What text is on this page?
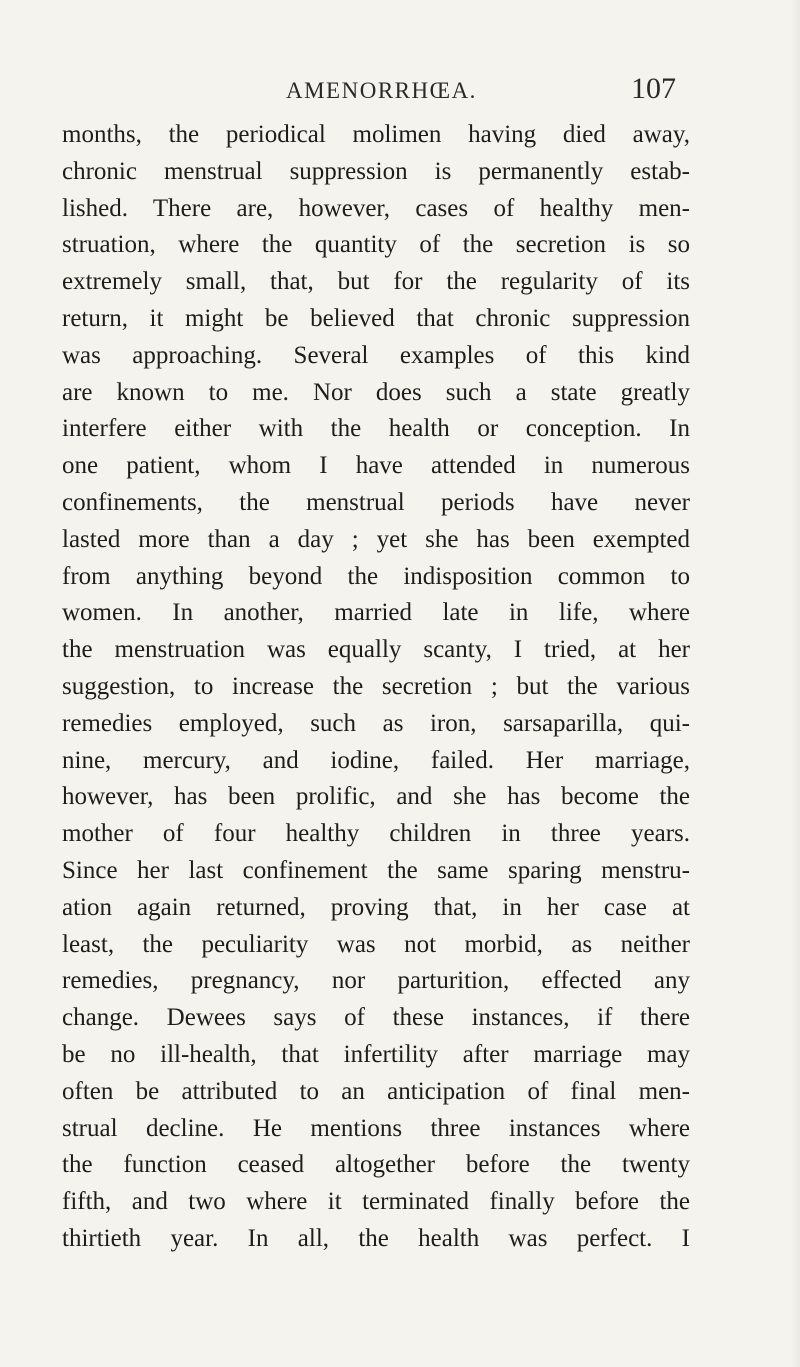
AMENORRHŒA.	107
months, the periodical molimen having died away,
chronic menstrual suppression is permanently estab-
lished. There are, however, cases of healthy men-
struation, where the quantity of the secretion is so
extremely small, that, but for the regularity of its
return, it might be believed that chronic suppression
was approaching. Several examples of this kind
are known to me. Nor does such a state greatly
interfere either with the health or conception. In
one patient, whom I have attended in numerous
confinements, the menstrual periods have never
lasted more than a day ; yet she has been exempted
from anything beyond the indisposition common to
women. In another, married late in life, where
the menstruation was equally scanty, I tried, at her
suggestion, to increase the secretion ; but the various
remedies employed, such as iron, sarsaparilla, qui-
nine, mercury, and iodine, failed. Her marriage,
however, has been prolific, and she has become the
mother of four healthy children in three years.
Since her last confinement the same sparing menstru-
ation again returned, proving that, in her case at
least, the peculiarity was not morbid, as neither
remedies, pregnancy, nor parturition, effected any
change. Dewees says of these instances, if there
be no ill-health, that infertility after marriage may
often be attributed to an anticipation of final men-
strual decline. He mentions three instances where
the function ceased altogether before the twenty
fifth, and two where it terminated finally before the
thirtieth year. In all, the health was perfect. I
